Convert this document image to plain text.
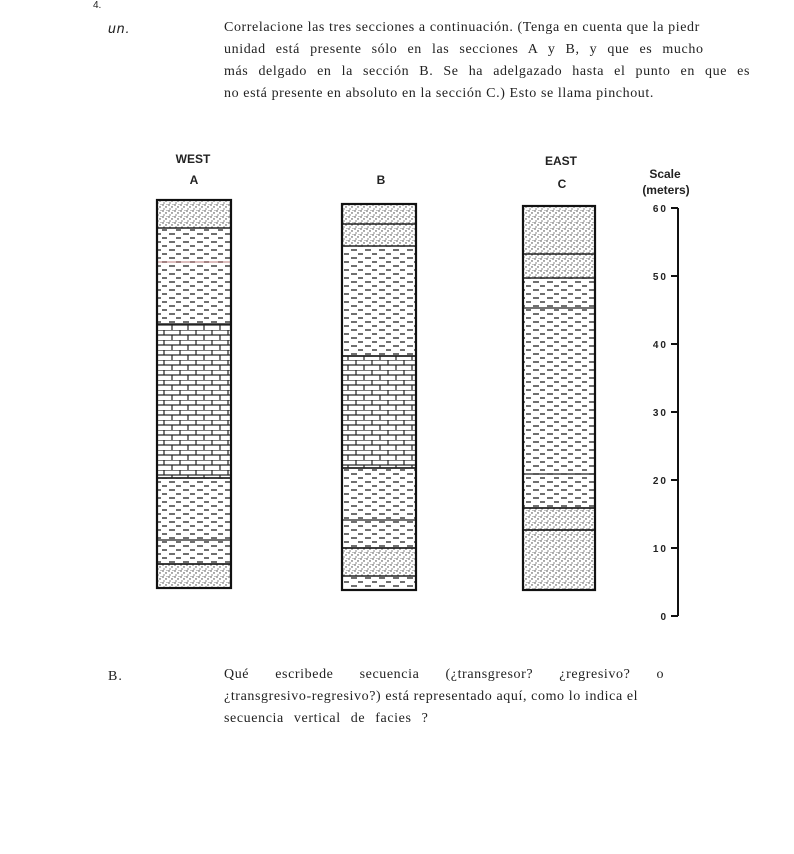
4.
un.	Correlacione las tres secciones a continuación. (Tenga en cuenta que la piedr
unidad está presente sólo en las secciones A y B, y que es mucho
más delgado en la sección B. Se ha adelgazado hasta el punto en que es
no está presente en absoluto en la sección C.) Esto se llama pinchout.
WEST
A	B
EAST
C
Scale
(meters)
60
50
40
30
20
10
0
B.	Qué escribede secuencia (¿transgresor? ¿regresivo? o
¿transgresivo-regresivo?) está representado aquí, como lo indica el
secuencia vertical de facies ?
